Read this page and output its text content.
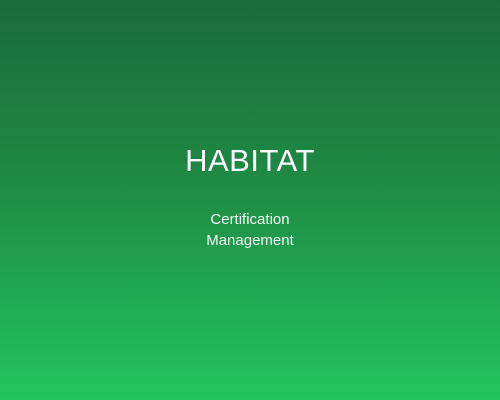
HABITAT
Certification
Management
